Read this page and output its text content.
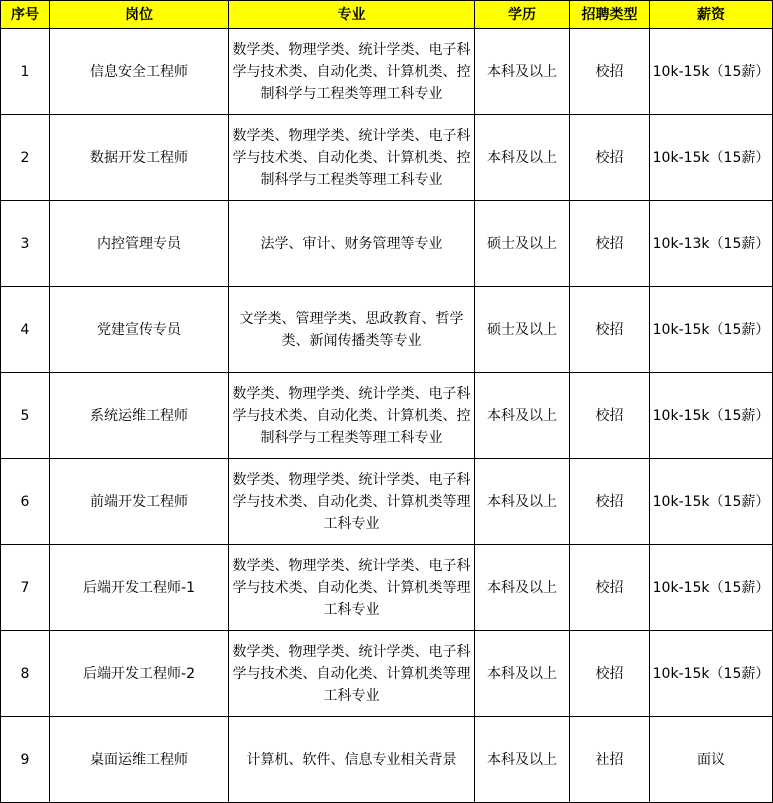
序号	岗位	专业	学历	招聘类型	薪资
1	信息安全工程师	数学类、物理学类、统计学类、电子科学与技术类、自动化类、计算机类、控制科学与工程类等理工科专业	本科及以上	校招	10k-15k（15薪）
2	数据开发工程师	数学类、物理学类、统计学类、电子科学与技术类、自动化类、计算机类、控制科学与工程类等理工科专业	本科及以上	校招	10k-15k（15薪）
3	内控管理专员	法学、审计、财务管理等专业	硕士及以上	校招	10k-13k（15薪）
4	党建宣传专员	文学类、管理学类、思政教育、哲学类、新闻传播类等专业	硕士及以上	校招	10k-15k（15薪）
5	系统运维工程师	数学类、物理学类、统计学类、电子科学与技术类、自动化类、计算机类、控制科学与工程类等理工科专业	本科及以上	校招	10k-15k（15薪）
6	前端开发工程师	数学类、物理学类、统计学类、电子科学与技术类、自动化类、计算机类等理工科专业	本科及以上	校招	10k-15k（15薪）
7	后端开发工程师-1	数学类、物理学类、统计学类、电子科学与技术类、自动化类、计算机类等理工科专业	本科及以上	校招	10k-15k（15薪）
8	后端开发工程师-2	数学类、物理学类、统计学类、电子科学与技术类、自动化类、计算机类等理工科专业	本科及以上	校招	10k-15k（15薪）
9	桌面运维工程师	计算机、软件、信息专业相关背景	本科及以上	社招	面议
